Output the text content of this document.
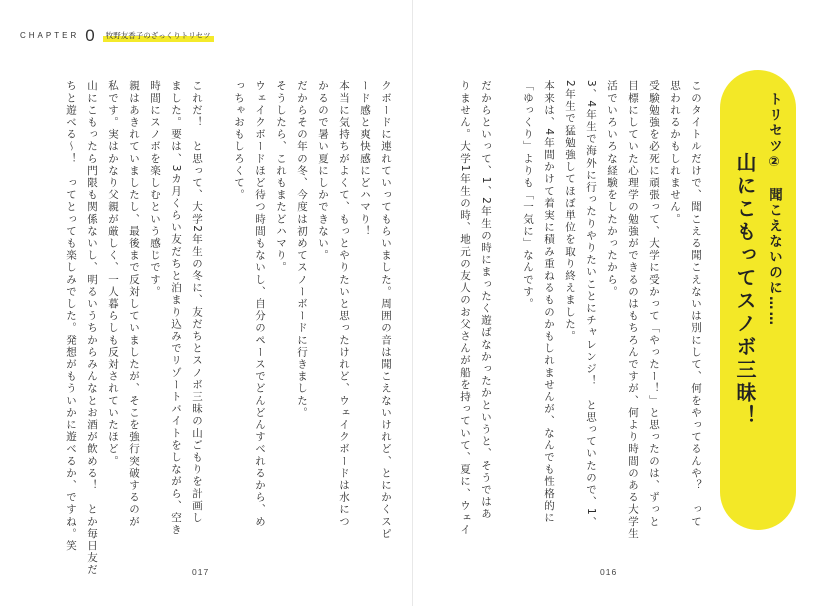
CHAPTER 0	牧野友香子のざっくりトリセツ
クボードに連れていってもらいました。周囲の音は聞こえないけれど、とにかくスピ
ード感と爽快感にどハマり！
本当に気持ちがよくて、もっとやりたいと思ったけれど、ウェイクボードは水につ
かるので暑い夏にしかできない。
だからその年の冬、今度は初めてスノーボードに行きました。
そうしたら、これもまたどハマり。
ウェイクボードほど待つ時間もないし、自分のペースでどんどんすべれるから、め
っちゃおもしろくて。
これだ！　と思って、大学2年生の冬に、友だちとスノボ三昧の山ごもりを計画し
ました。要は、3カ月くらい友だちと泊まり込みでリゾートバイトをしながら、空き
時間にスノボを楽しむという感じです。
親はあきれていましたし、最後まで反対していましたが、そこを強行突破するのが
私です。実はかなり父親が厳しく、一人暮らしも反対されていたほど。
山にこもったら門限も関係ないし、明るいうちからみんなとお酒が飲める！　とか毎日友だ
ちと遊べる～！　ってとっても楽しみでした。発想がもういかに遊べるか、ですね。笑	このタイトルだけで、聞こえる聞こえないは別にして、何をやってるんや？　って
思われるかもしれません。
受験勉強を必死に頑張って、大学に受かって「やったー！」と思ったのは、ずっと
目標にしていた心理学の勉強ができるのはもちろんですが、何より時間のある大学生
活でいろいろな経験をしたかったから。
3、4年生で海外に行ったりやりたいことにチャレンジ！　と思っていたので、1、
2年生で猛勉強してほぼ単位を取り終えました。
本来は、4年間かけて着実に積み重ねるものかもしれませんが、なんでも性格的に
「ゆっくり」よりも「一気に」なんです。
だからといって、1、2年生の時にまったく遊ばなかったかというと、そうではあ
りません。大学1年生の時、地元の友人のお父さんが船を持っていて、夏に、ウェイ	トリセツ②　聞こえないのに……
山にこもってスノボ三昧！
017	016
